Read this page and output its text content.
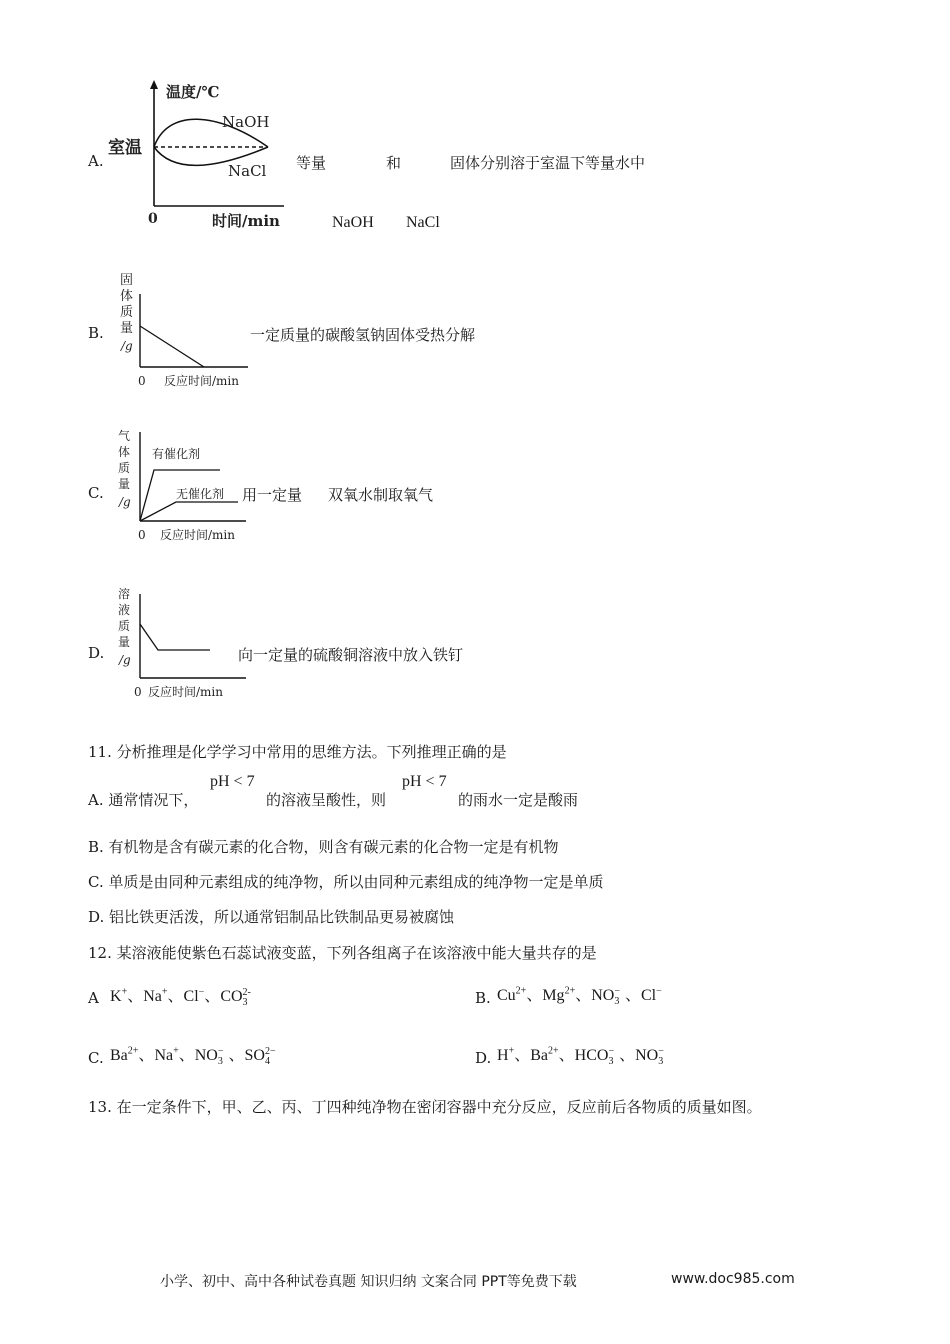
A.
温度/℃
室温
NaOH
NaCl
0	时间/min
等量	和	固体分别溶于室温下等量水中
NaOH NaCl
B.
固
体
质
量
/g
0 反应时间/min
一定质量的碳酸氢钠固体受热分解
C.
气
体
质
量
/g
有催化剂
无催化剂
0 反应时间/min
用一定量 双氧水制取氧气
D.
溶
液
质
量
/g
0 反应时间/min
向一定量的硫酸铜溶液中放入铁钉
11. 分析推理是化学学习中常用的思维方法。下列推理正确的是
A. 通常情况下，
pH < 7
的溶液呈酸性，则
pH < 7
的雨水一定是酸雨
B. 有机物是含有碳元素的化合物，则含有碳元素的化合物一定是有机物
C. 单质是由同种元素组成的纯净物，所以由同种元素组成的纯净物一定是单质
D. 铝比铁更活泼，所以通常铝制品比铁制品更易被腐蚀
12. 某溶液能使紫色石蕊试液变蓝，下列各组离子在该溶液中能大量共存的是
A K+、Na+、Cl−、$CO_3^{2-}$	B. $Cu^{2+}$、$Mg^{2+}$、$NO_3^-$ 、Cl−
C. $Ba^{2+}$、Na+、$NO_3^-$ 、$SO_4^{2-}$	D. H+、$Ba^{2+}$、$HCO_3^-$ 、$NO_3^-$
13. 在一定条件下，甲、乙、丙、丁四种纯净物在密闭容器中充分反应，反应前后各物质的质量如图。
小学、初中、高中各种试卷真题 知识归纳 文案合同 PPT等免费下载	www.doc985.com
